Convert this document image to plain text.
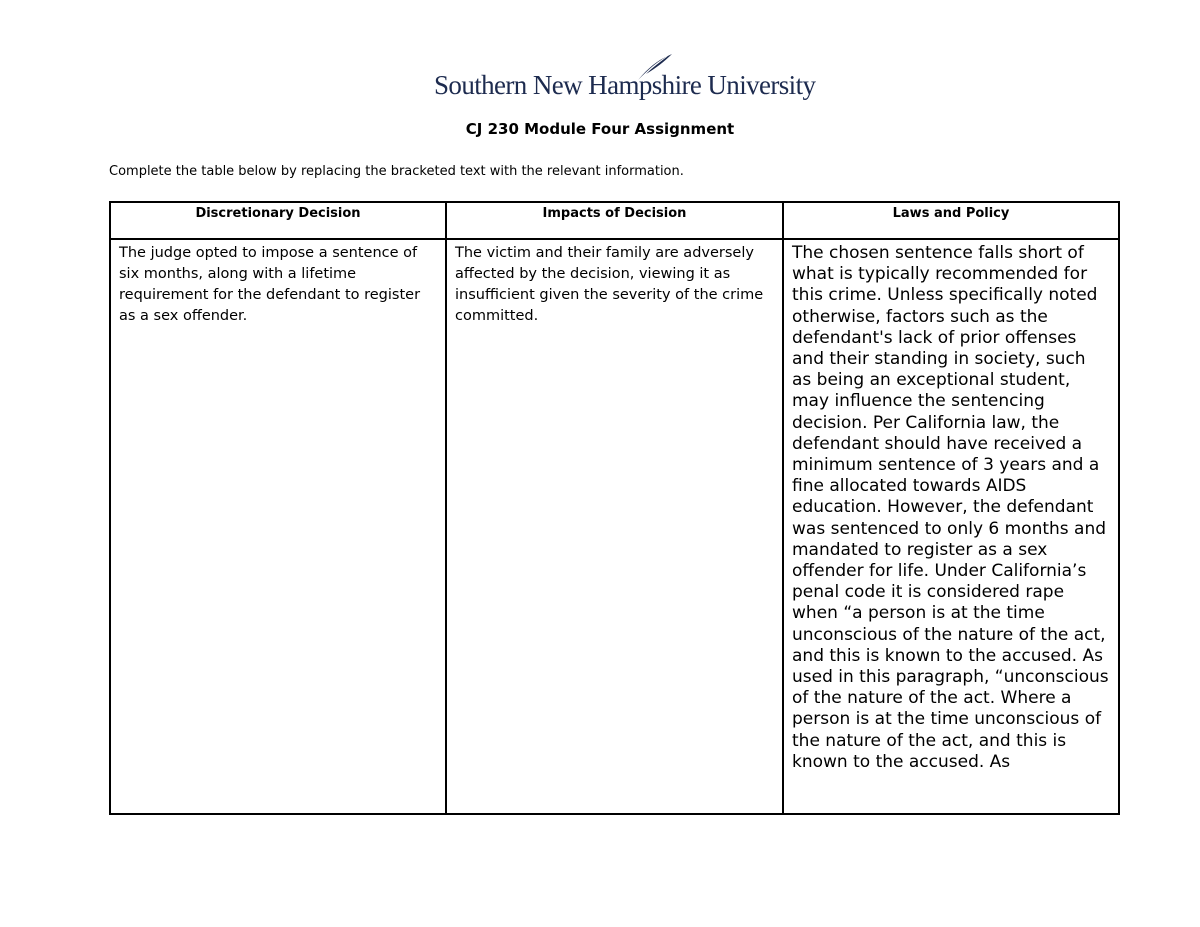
Southern New Hampshire University
CJ 230 Module Four Assignment
Complete the table below by replacing the bracketed text with the relevant information.
Discretionary Decision	Impacts of Decision	Laws and Policy
The judge opted to impose a sentence of six months, along with a lifetime requirement for the defendant to register as a sex offender.	The victim and their family are adversely affected by the decision, viewing it as insufficient given the severity of the crime committed.	The chosen sentence falls short of what is typically recommended for this crime. Unless specifically noted otherwise, factors such as the defendant's lack of prior offenses and their standing in society, such as being an exceptional student, may influence the sentencing decision. Per California law, the defendant should have received a minimum sentence of 3 years and a fine allocated towards AIDS education. However, the defendant was sentenced to only 6 months and mandated to register as a sex offender for life. Under California’s penal code it is considered rape when “a person is at the time unconscious of the nature of the act, and this is known to the accused. As used in this paragraph, “unconscious of the nature of the act. Where a person is at the time unconscious of the nature of the act, and this is known to the accused. As
